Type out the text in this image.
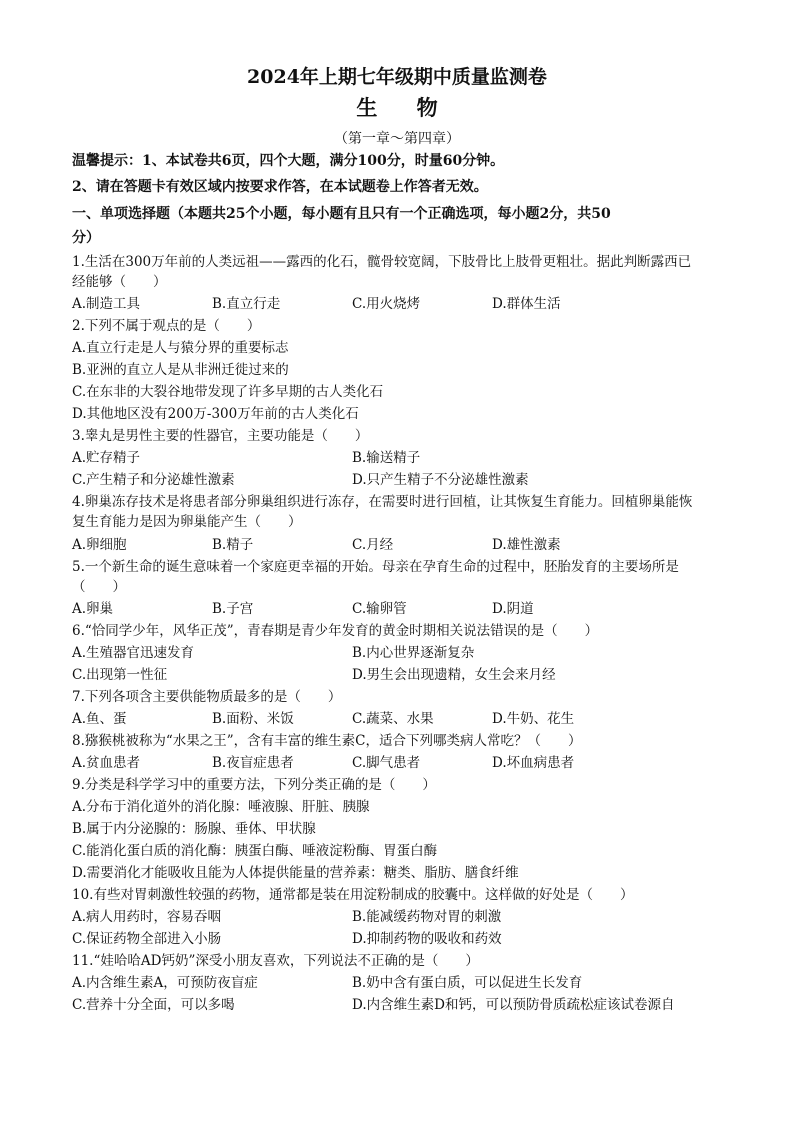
2024年上期七年级期中质量监测卷
生 物
（第一章～第四章）
温馨提示：1、本试卷共6页，四个大题，满分100分，时量60分钟。
2、请在答题卡有效区域内按要求作答，在本试题卷上作答者无效。
一、单项选择题（本题共25个小题，每小题有且只有一个正确选项，每小题2分，共50
分）
1.生活在300万年前的人类远祖——露西的化石，髋骨较宽阔，下肢骨比上肢骨更粗壮。据此判断露西已
经能够（　　）
A.制造工具	B.直立行走	C.用火烧烤	D.群体生活
2.下列不属于观点的是（　　）
A.直立行走是人与猿分界的重要标志
B.亚洲的直立人是从非洲迁徙过来的
C.在东非的大裂谷地带发现了许多早期的古人类化石
D.其他地区没有200万-300万年前的古人类化石
3.睾丸是男性主要的性器官，主要功能是（　　）
A.贮存精子	B.输送精子
C.产生精子和分泌雄性激素	D.只产生精子不分泌雄性激素
4.卵巢冻存技术是将患者部分卵巢组织进行冻存，在需要时进行回植，让其恢复生育能力。回植卵巢能恢
复生育能力是因为卵巢能产生（　　）
A.卵细胞	B.精子	C.月经	D.雄性激素
5.一个新生命的诞生意味着一个家庭更幸福的开始。母亲在孕育生命的过程中，胚胎发育的主要场所是
（　　）
A.卵巢	B.子宫	C.输卵管	D.阴道
6.“恰同学少年，风华正茂”，青春期是青少年发育的黄金时期相关说法错误的是（　　）
A.生殖器官迅速发育	B.内心世界逐渐复杂
C.出现第一性征	D.男生会出现遗精，女生会来月经
7.下列各项含主要供能物质最多的是（　　）
A.鱼、蛋	B.面粉、米饭	C.蔬菜、水果	D.牛奶、花生
8.猕猴桃被称为“水果之王”，含有丰富的维生素C，适合下列哪类病人常吃？（　　）
A.贫血患者	B.夜盲症患者	C.脚气患者	D.坏血病患者
9.分类是科学学习中的重要方法，下列分类正确的是（　　）
A.分布于消化道外的消化腺：唾液腺、肝脏、胰腺
B.属于内分泌腺的：肠腺、垂体、甲状腺
C.能消化蛋白质的消化酶：胰蛋白酶、唾液淀粉酶、胃蛋白酶
D.需要消化才能吸收且能为人体提供能量的营养素：糖类、脂肪、膳食纤维
10.有些对胃刺激性较强的药物，通常都是装在用淀粉制成的胶囊中。这样做的好处是（　　）
A.病人用药时，容易吞咽	B.能减缓药物对胃的刺激
C.保证药物全部进入小肠	D.抑制药物的吸收和药效
11.“娃哈哈AD钙奶”深受小朋友喜欢，下列说法不正确的是（　　）
A.内含维生素A，可预防夜盲症	B.奶中含有蛋白质，可以促进生长发育
C.营养十分全面，可以多喝	D.内含维生素D和钙，可以预防骨质疏松症该试卷源自
